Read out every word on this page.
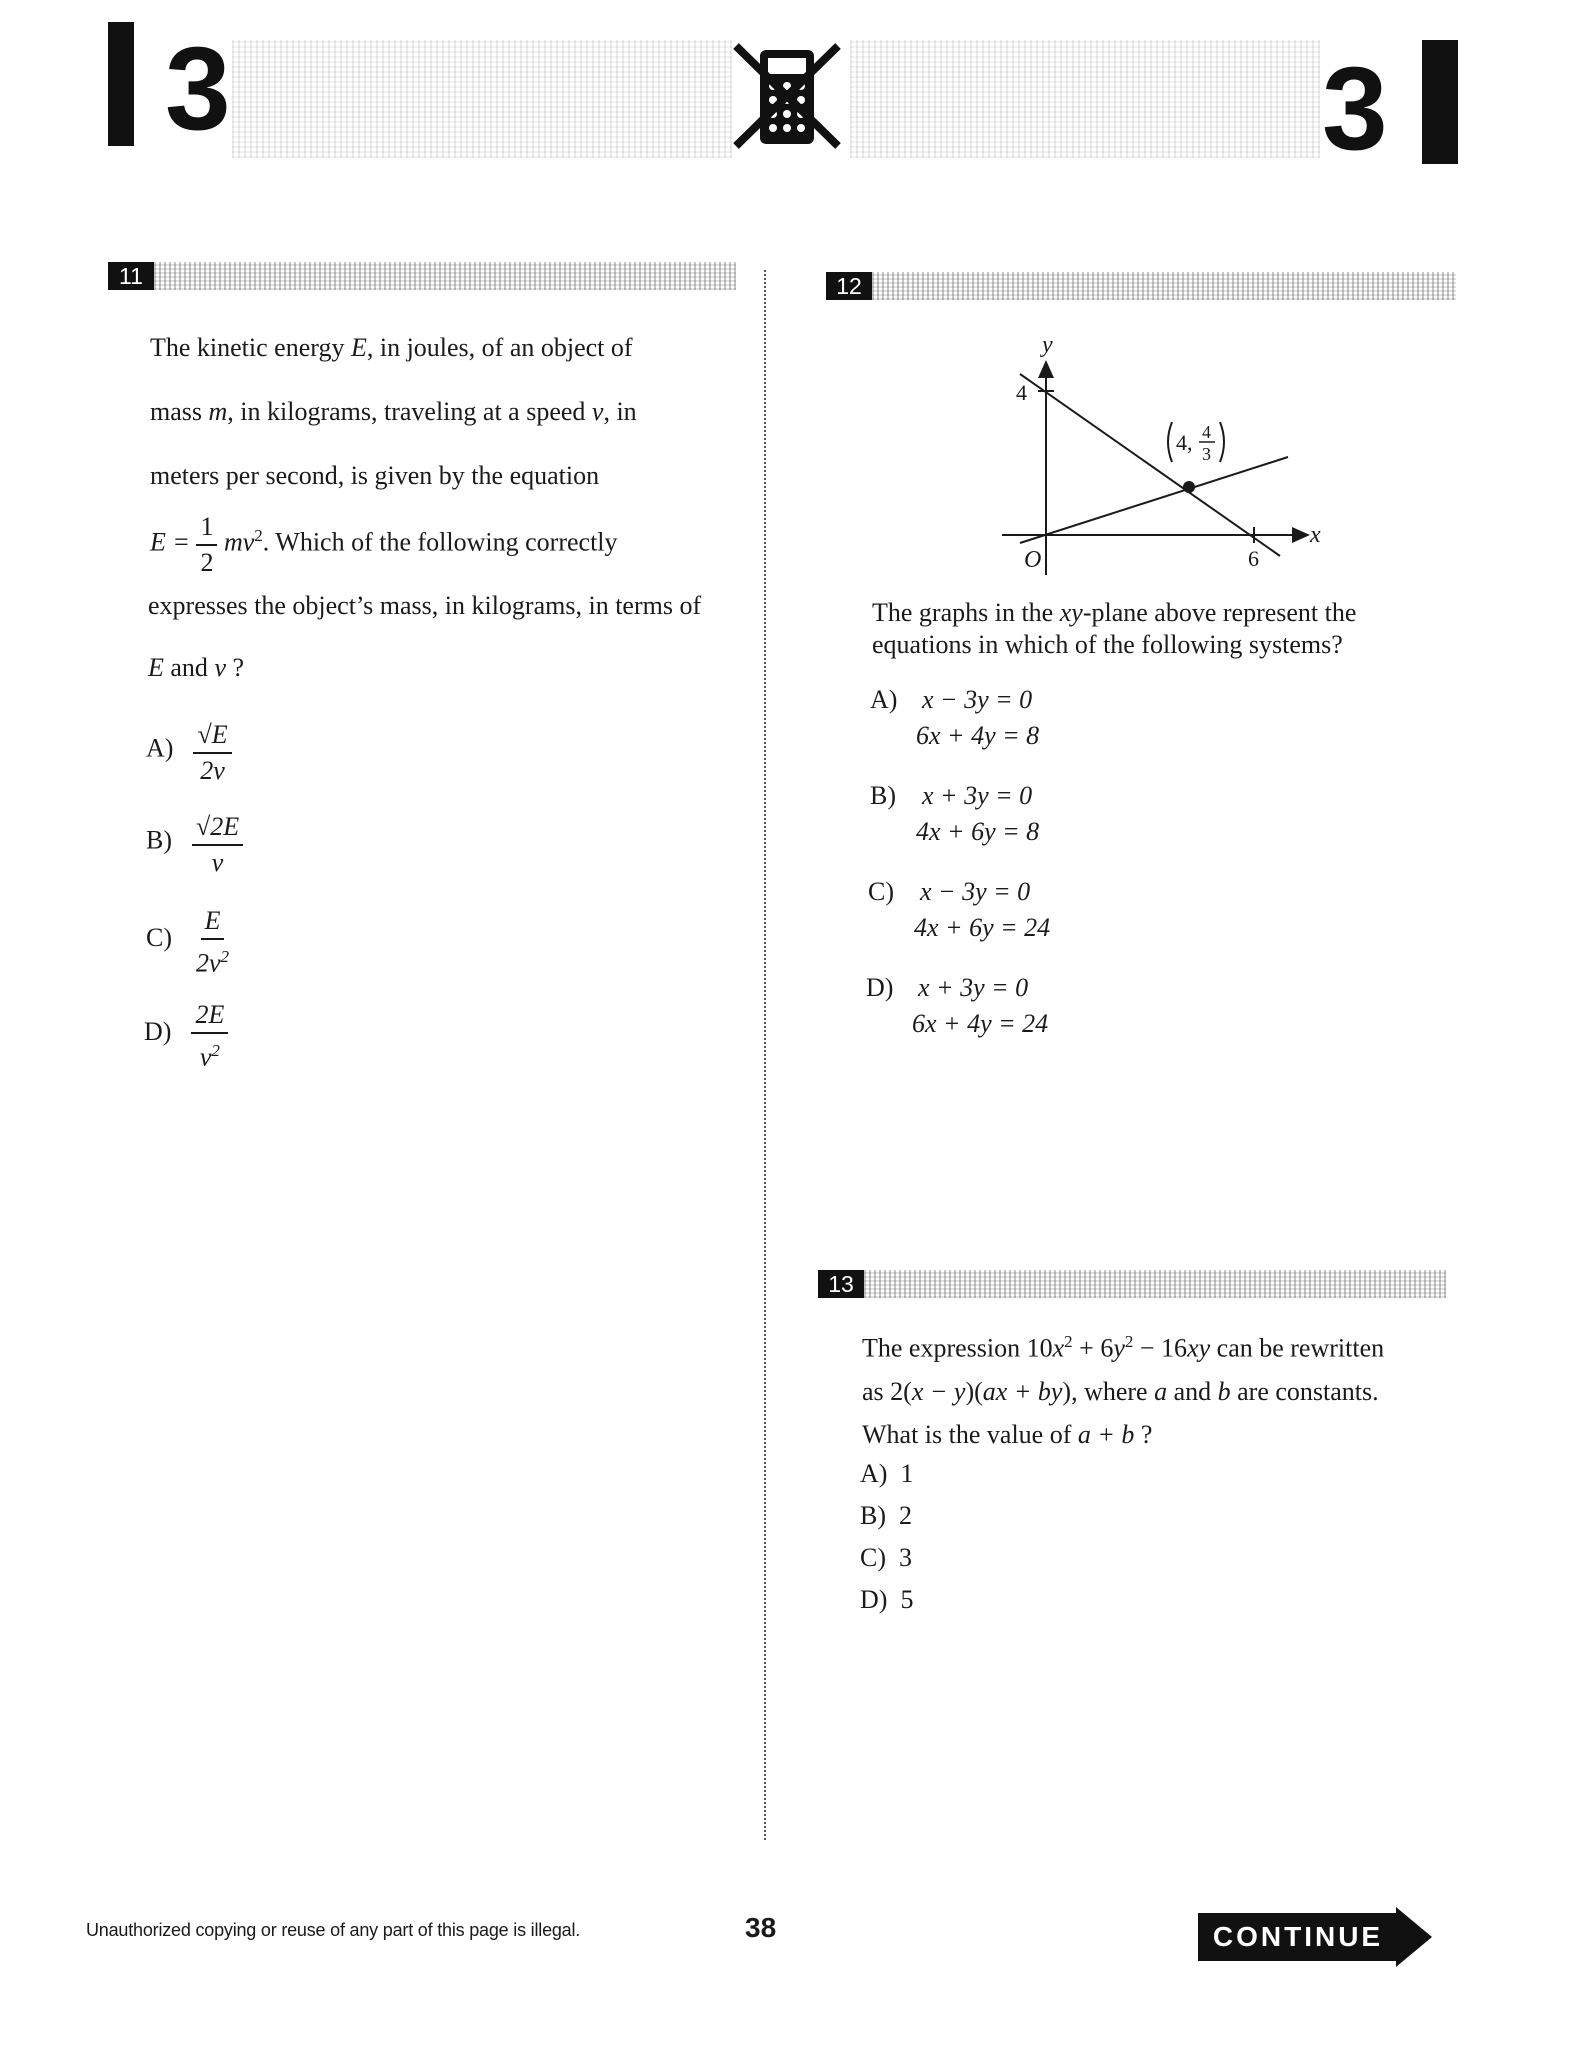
3	3
11
The kinetic energy E, in joules, of an object of
mass m, in kilograms, traveling at a speed v, in
meters per second, is given by the equation
$E = \frac{1}{2} mv^2$. Which of the following correctly
expresses the object’s mass, in kilograms, in terms of
E and v ?
$A) \frac{√E}{2v}$
$B) \frac{√2E}{v}$
$C) \frac{E}{2v^2}$
$D) \frac{2E}{v^2}$
12
y
x
O
4
6
4, 4
3
The graphs in the xy-plane above represent the
equations in which of the following systems?
A) x − 3y = 0
6x + 4y = 8
B) x + 3y = 0
4x + 6y = 8
C) x − 3y = 0
4x + 6y = 24
D) x + 3y = 0
6x + 4y = 24
13
The expression $10x^2 + 6y^2 - 16xy$ can be rewritten
as 2(x − y)(ax + by), where a and b are constants.
What is the value of a + b ?
A) 1
B) 2
C) 3
D) 5
Unauthorized copying or reuse of any part of this page is illegal.	38	CONTINUE
